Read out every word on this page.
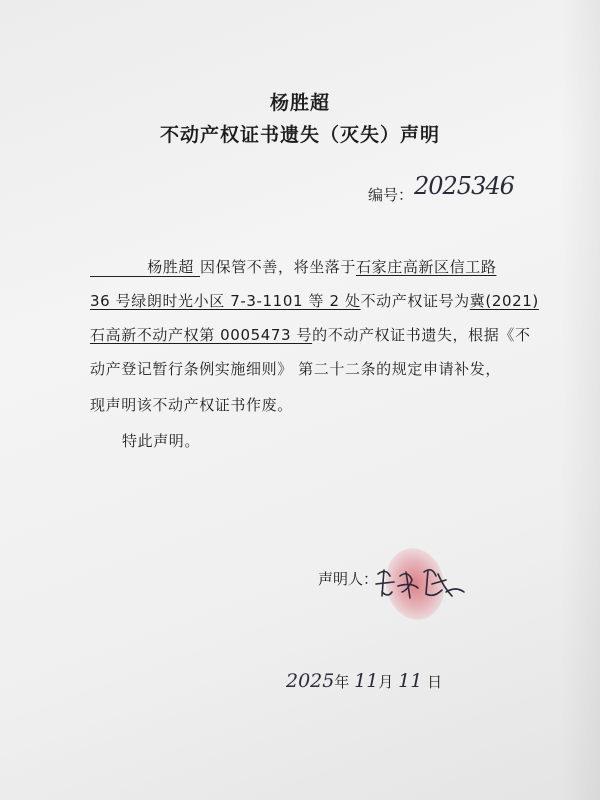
杨胜超
不动产权证书遗失（灭失）声明
编号： 2025346
杨胜超 因保管不善，将坐落于石家庄高新区信工路
36 号绿朗时光小区 7-3-1101 等 2 处不动产权证号为冀(2021)
石高新不动产权第 0005473 号的不动产权证书遗失，根据《不
动产登记暂行条例实施细则》 第二十二条的规定申请补发，
现声明该不动产权证书作废。
特此声明。
声明人：
2025年 11月 11 日
